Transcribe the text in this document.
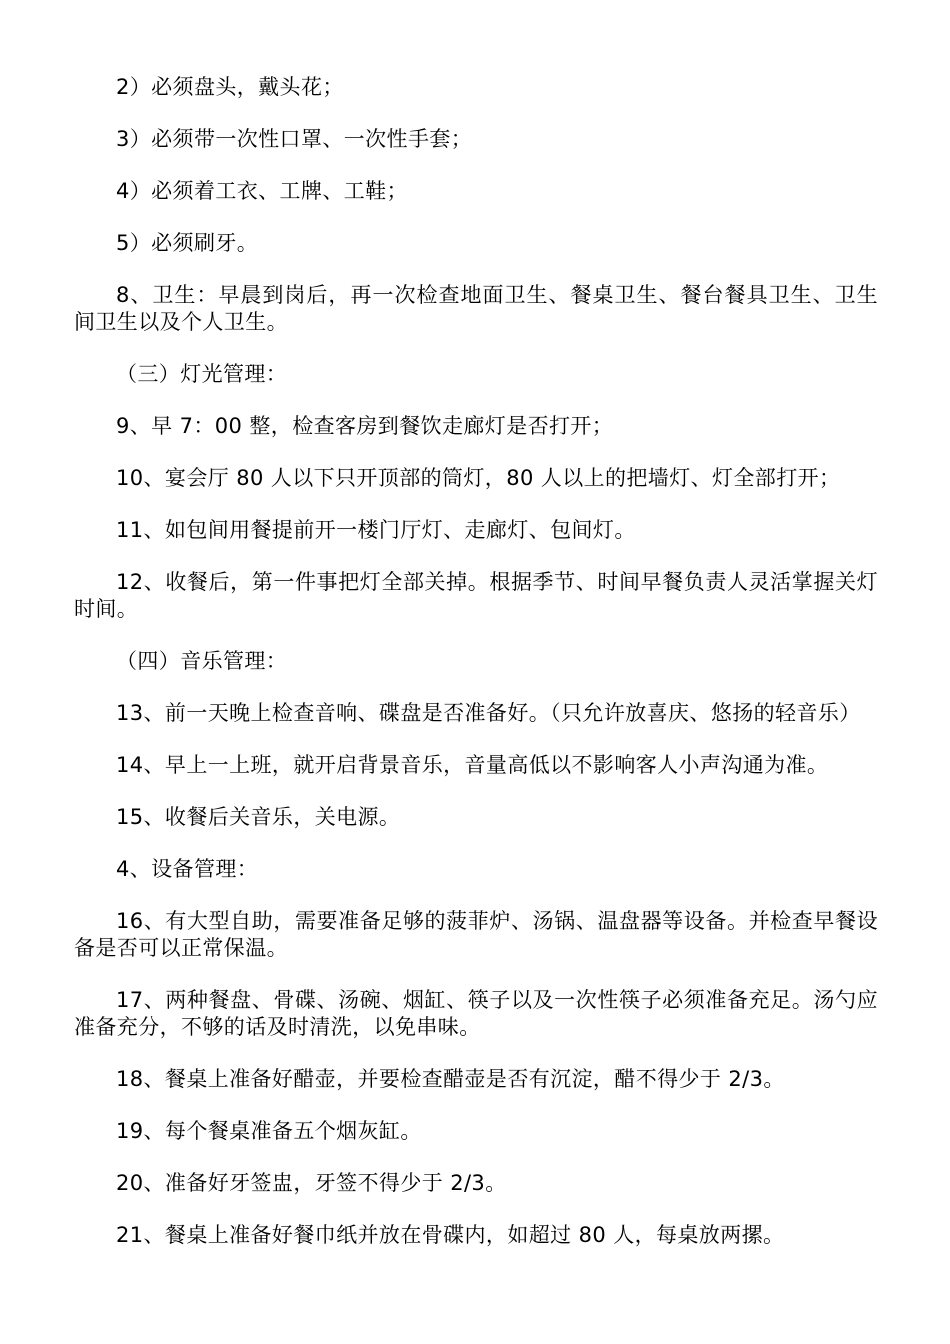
2）必须盘头，戴头花；

3）必须带一次性口罩、一次性手套；

4）必须着工衣、工牌、工鞋；

5）必须刷牙。

8、卫生：早晨到岗后，再一次检查地面卫生、餐桌卫生、餐台餐具卫生、卫生间卫生以及个人卫生。

（三）灯光管理：

9、早 7：00 整，检查客房到餐饮走廊灯是否打开；

10、宴会厅 80 人以下只开顶部的筒灯，80 人以上的把墙灯、灯全部打开；

11、如包间用餐提前开一楼门厅灯、走廊灯、包间灯。

12、收餐后，第一件事把灯全部关掉。根据季节、时间早餐负责人灵活掌握关灯时间。

（四）音乐管理：

13、前一天晚上检查音响、碟盘是否准备好。（只允许放喜庆、悠扬的轻音乐）

14、早上一上班，就开启背景音乐，音量高低以不影响客人小声沟通为准。

15、收餐后关音乐，关电源。

4、设备管理：

16、有大型自助，需要准备足够的菠菲炉、汤锅、温盘器等设备。并检查早餐设备是否可以正常保温。

17、两种餐盘、骨碟、汤碗、烟缸、筷子以及一次性筷子必须准备充足。汤勺应准备充分，不够的话及时清洗，以免串味。

18、餐桌上准备好醋壶，并要检查醋壶是否有沉淀，醋不得少于 2/3。

19、每个餐桌准备五个烟灰缸。

20、准备好牙签盅，牙签不得少于 2/3。

21、餐桌上准备好餐巾纸并放在骨碟内，如超过 80 人，每桌放两摞。
